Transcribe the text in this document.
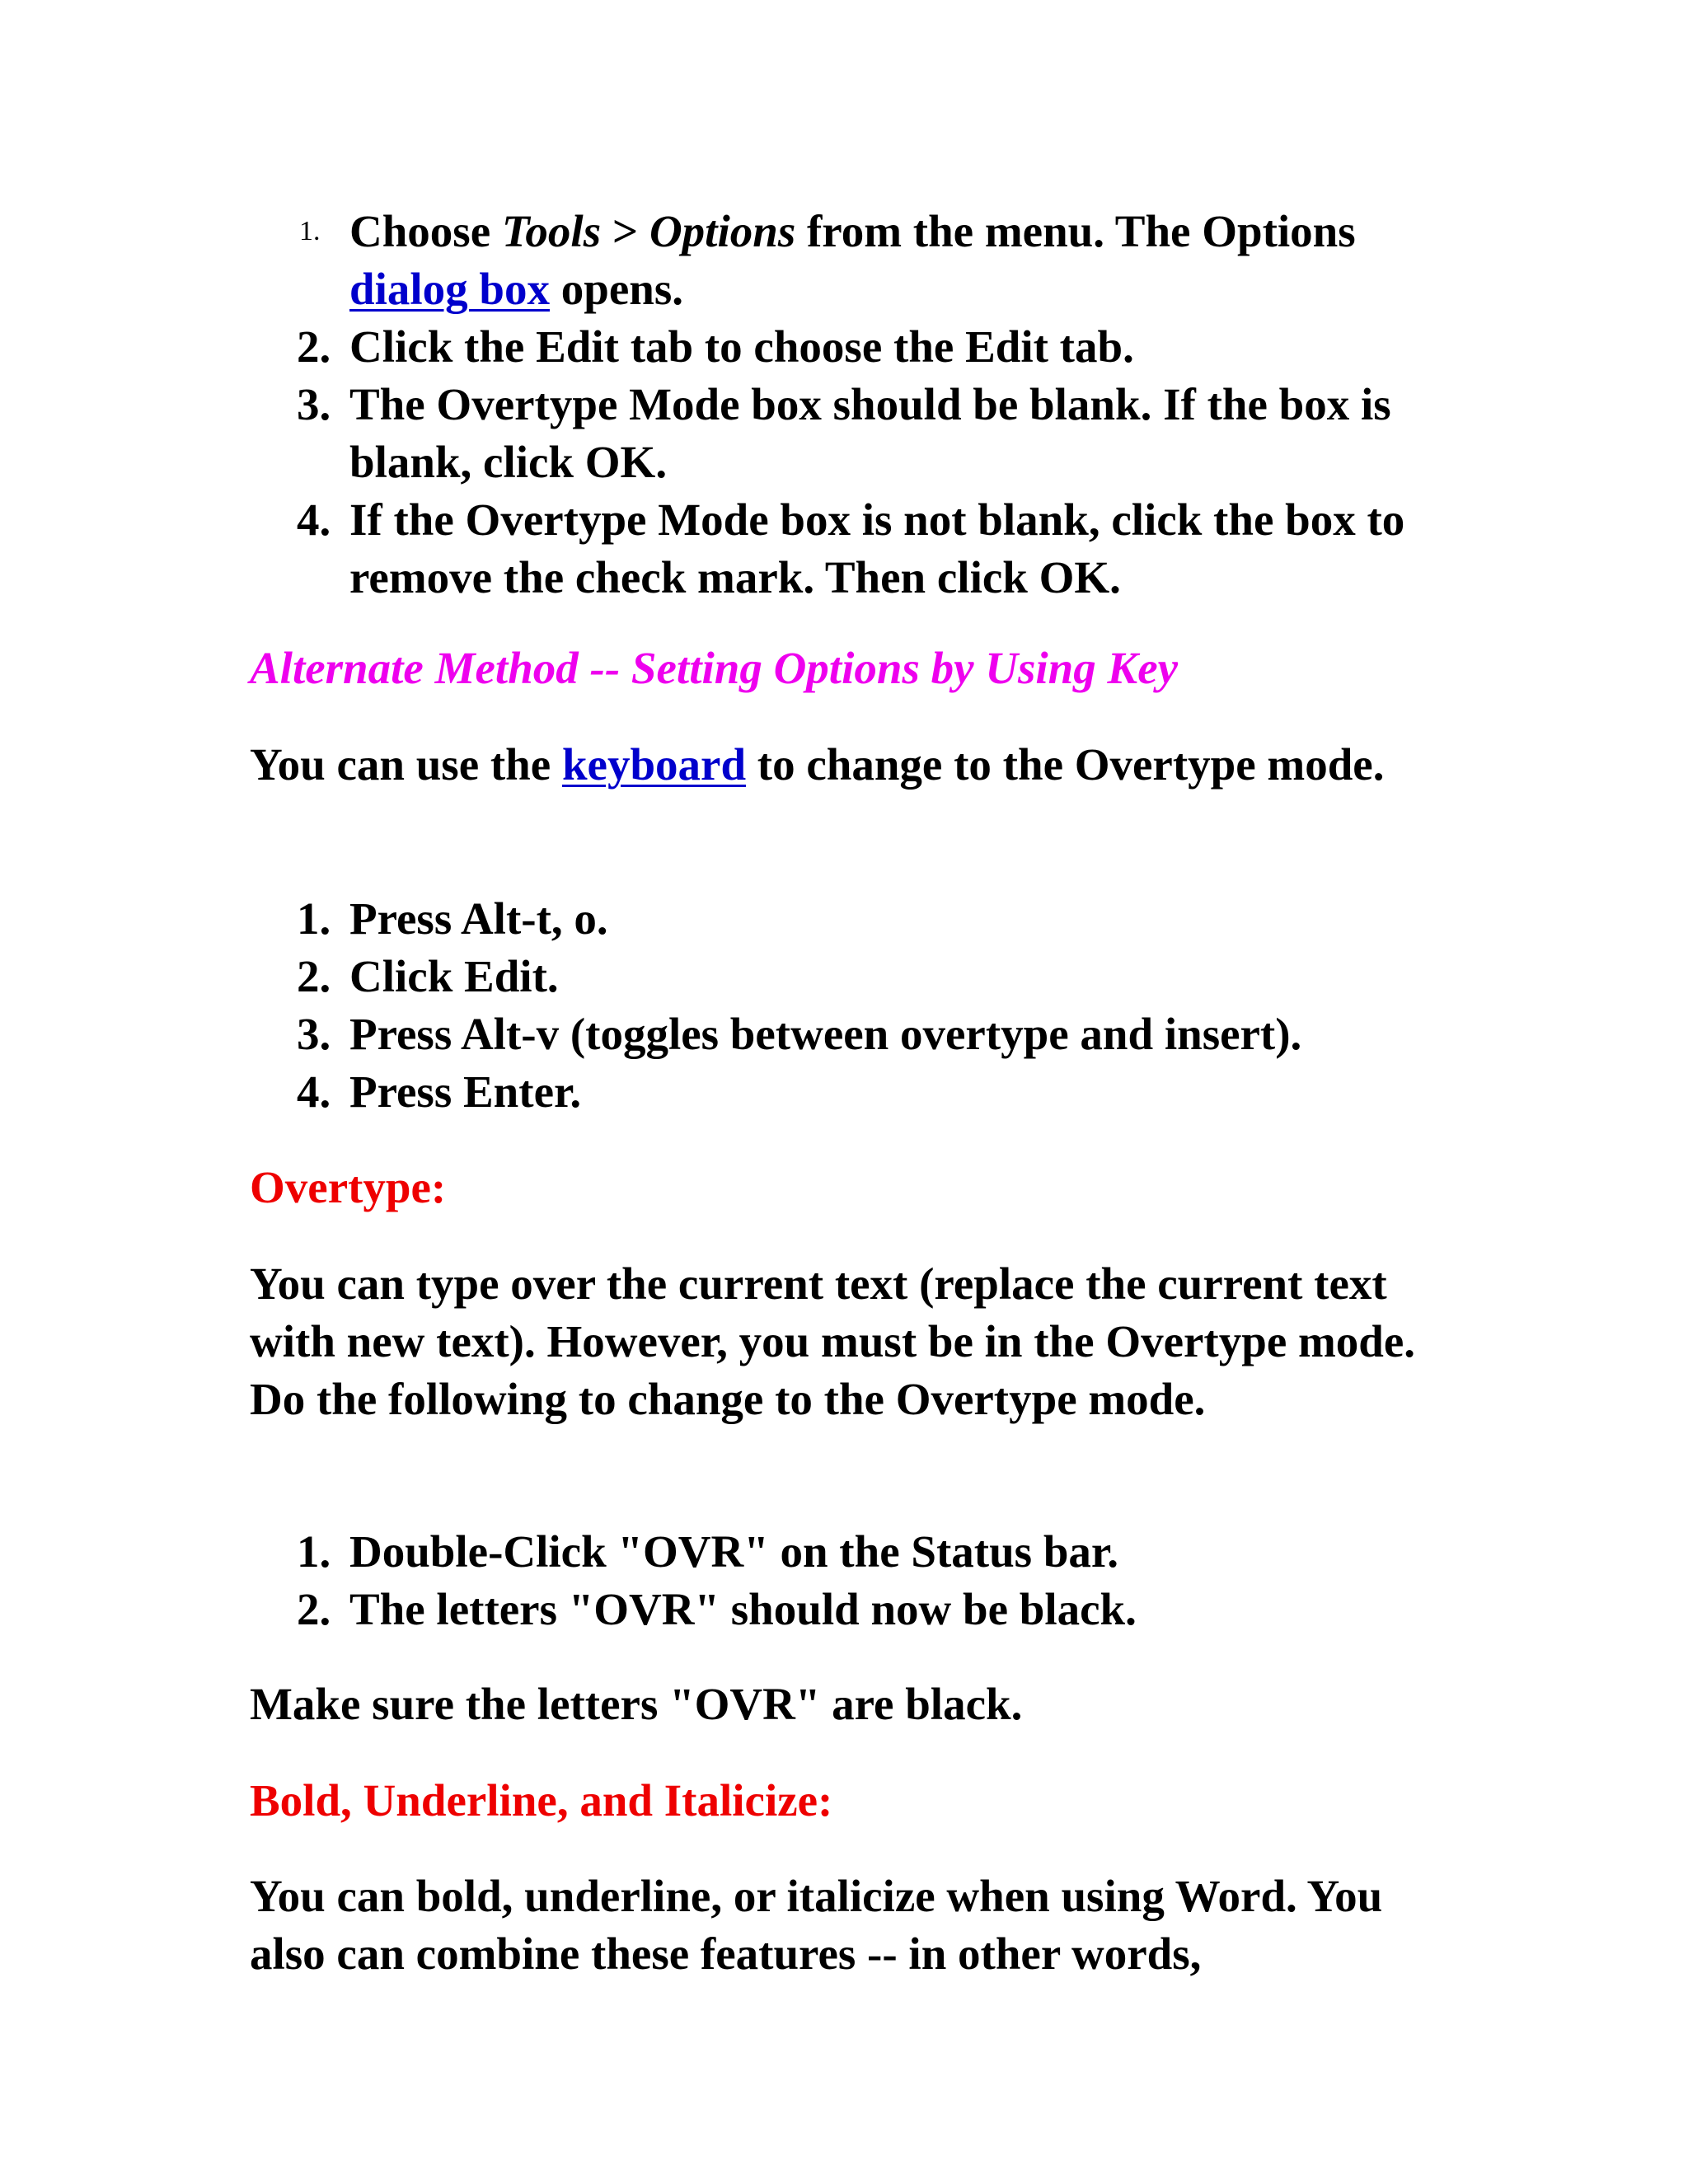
1. Choose Tools > Options from the menu. The Options dialog box opens.
2. Click the Edit tab to choose the Edit tab.
3. The Overtype Mode box should be blank. If the box is blank, click OK.
4. If the Overtype Mode box is not blank, click the box to remove the check mark. Then click OK.
Alternate Method -- Setting Options by Using Key

You can use the keyboard to change to the Overtype mode.

1. Press Alt-t, o.
2. Click Edit.
3. Press Alt-v (toggles between overtype and insert).
4. Press Enter.
Overtype:
You can type over the current text (replace the current text with new text). However, you must be in the Overtype mode. Do the following to change to the Overtype mode.
1. Double-Click "OVR" on the Status bar.
2. The letters "OVR" should now be black.
Make sure the letters "OVR" are black.
Bold, Underline, and Italicize:
You can bold, underline, or italicize when using Word. You also can combine these features -- in other words,
